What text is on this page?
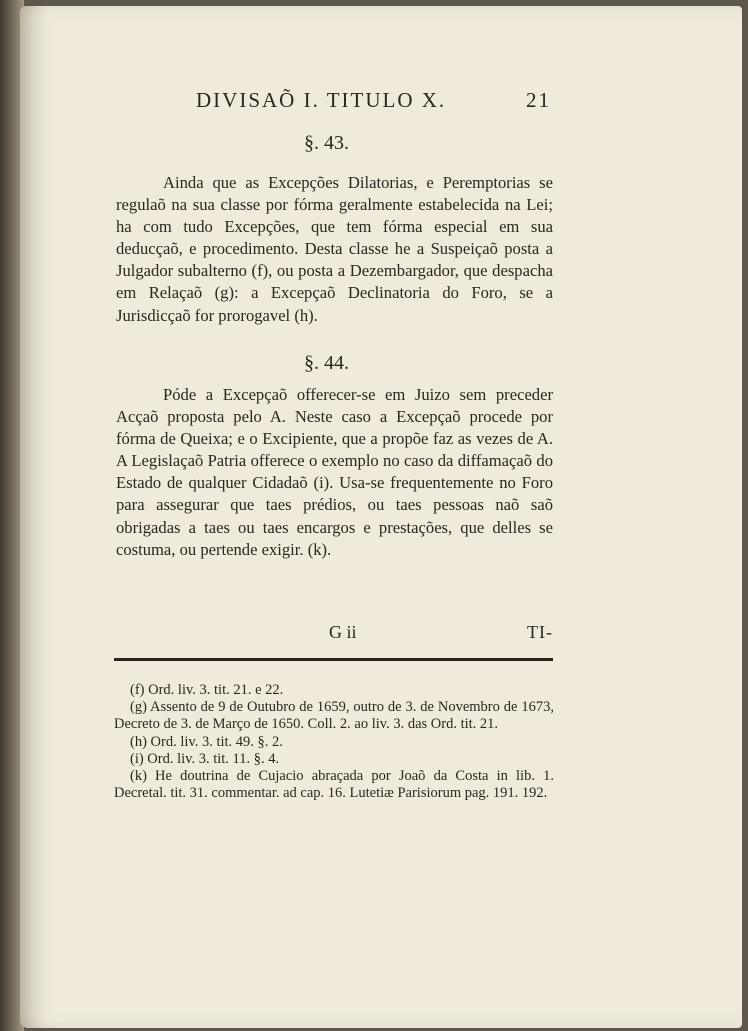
DIVISAÕ I. TITULO X.	21
§. 43.

Ainda que as Excepções Dilatorias, e Peremptorias se regulaõ na sua classe por fórma geralmente estabelecida na Lei; ha com tudo Excepções, que tem fórma especial em sua deducçaõ, e procedimento. Desta classe he a Suspeiçaõ posta a Julgador subalterno (f), ou posta a Dezembargador, que despacha em Relaçaõ (g): a Excepçaõ Declinatoria do Foro, se a Jurisdicçaõ for prorogavel (h).

§. 44.

Póde a Excepçaõ offerecer-se em Juizo sem preceder Acçaõ proposta pelo A. Neste caso a Excepçaõ procede por fórma de Queixa; e o Excipiente, que a propõe faz as vezes de A. A Legislaçaõ Patria offerece o exemplo no caso da diffamaçaõ do Estado de qualquer Cidadaõ (i). Usa-se frequentemente no Foro para assegurar que taes prédios, ou taes pessoas naõ saõ obrigadas a taes ou taes encargos e prestações, que delles se costuma, ou pertende exigir. (k).

G ii	TI-

(f) Ord. liv. 3. tit. 21. e 22.

(g) Assento de 9 de Outubro de 1659, outro de 3. de Novembro de 1673, Decreto de 3. de Março de 1650. Coll. 2. ao liv. 3. das Ord. tit. 21.

(h) Ord. liv. 3. tit. 49. §. 2.

(i) Ord. liv. 3. tit. 11. §. 4.

(k) He doutrina de Cujacio abraçada por Joaõ da Costa in lib. 1. Decretal. tit. 31. commentar. ad cap. 16. Lutetiæ Parisiorum pag. 191. 192.
